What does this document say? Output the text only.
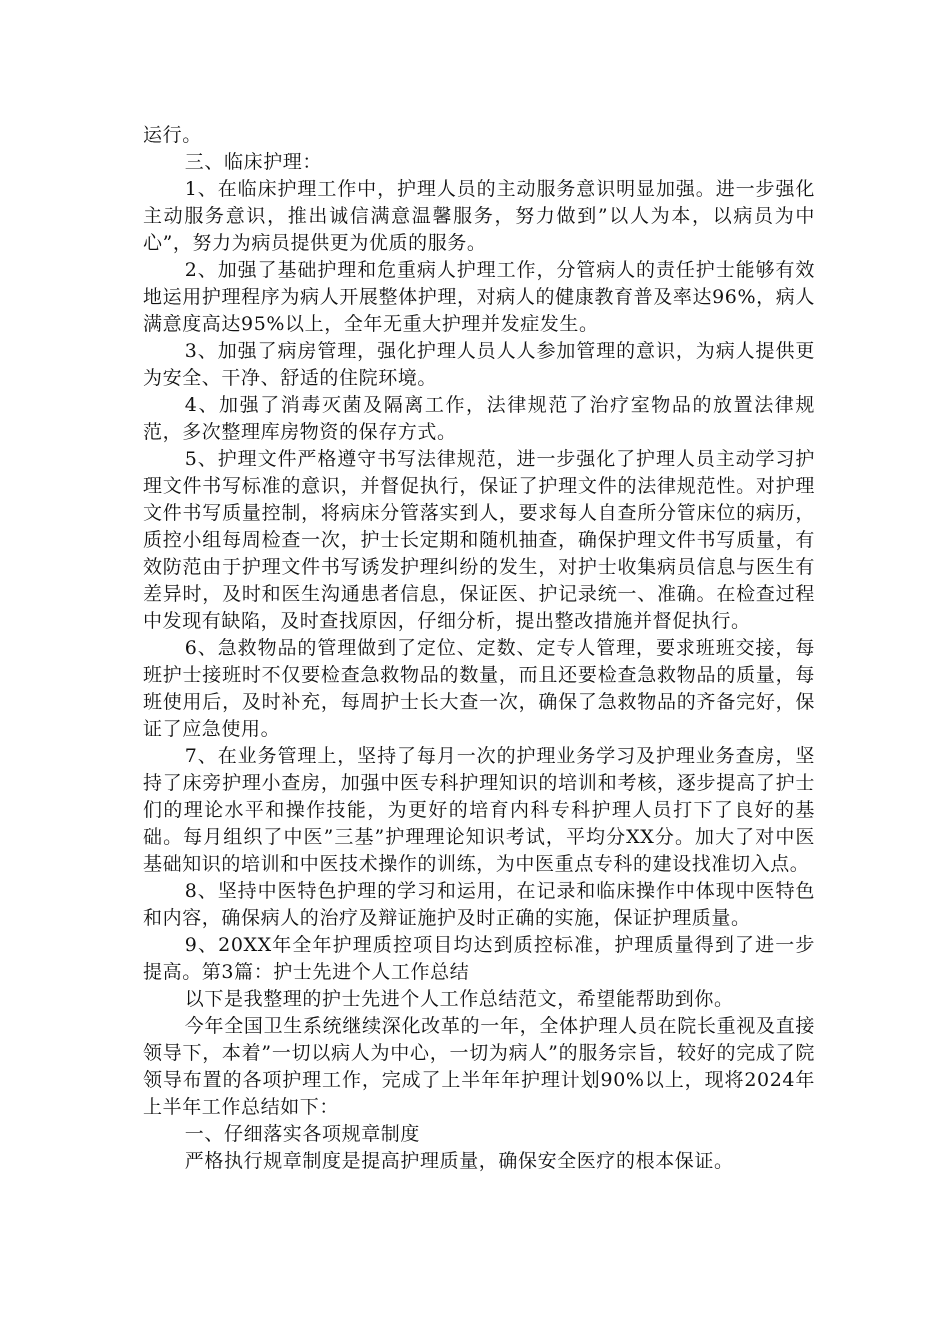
运行。

三、临床护理：

1、在临床护理工作中，护理人员的主动服务意识明显加强。进一步强化主动服务意识，推出诚信满意温馨服务，努力做到”以人为本，以病员为中心”，努力为病员提供更为优质的服务。

2、加强了基础护理和危重病人护理工作，分管病人的责任护士能够有效地运用护理程序为病人开展整体护理，对病人的健康教育普及率达96%，病人满意度高达95%以上，全年无重大护理并发症发生。

3、加强了病房管理，强化护理人员人人参加管理的意识，为病人提供更为安全、干净、舒适的住院环境。

4、加强了消毒灭菌及隔离工作，法律规范了治疗室物品的放置法律规范，多次整理库房物资的保存方式。

5、护理文件严格遵守书写法律规范，进一步强化了护理人员主动学习护理文件书写标准的意识，并督促执行，保证了护理文件的法律规范性。对护理文件书写质量控制，将病床分管落实到人，要求每人自查所分管床位的病历，质控小组每周检查一次，护士长定期和随机抽查，确保护理文件书写质量，有效防范由于护理文件书写诱发护理纠纷的发生，对护士收集病员信息与医生有差异时，及时和医生沟通患者信息，保证医、护记录统一、准确。在检查过程中发现有缺陷，及时查找原因，仔细分析，提出整改措施并督促执行。

6、急救物品的管理做到了定位、定数、定专人管理，要求班班交接，每班护士接班时不仅要检查急救物品的数量，而且还要检查急救物品的质量，每班使用后，及时补充，每周护士长大查一次，确保了急救物品的齐备完好，保证了应急使用。

7、在业务管理上，坚持了每月一次的护理业务学习及护理业务查房，坚持了床旁护理小查房，加强中医专科护理知识的培训和考核，逐步提高了护士们的理论水平和操作技能，为更好的培育内科专科护理人员打下了良好的基础。每月组织了中医”三基”护理理论知识考试，平均分XX分。加大了对中医基础知识的培训和中医技术操作的训练，为中医重点专科的建设找准切入点。

8、坚持中医特色护理的学习和运用，在记录和临床操作中体现中医特色和内容，确保病人的治疗及辩证施护及时正确的实施，保证护理质量。

9、20XX年全年护理质控项目均达到质控标准，护理质量得到了进一步提高。第3篇：护士先进个人工作总结

以下是我整理的护士先进个人工作总结范文，希望能帮助到你。

今年全国卫生系统继续深化改革的一年，全体护理人员在院长重视及直接领导下，本着”一切以病人为中心，一切为病人”的服务宗旨，较好的完成了院领导布置的各项护理工作，完成了上半年年护理计划90%以上，现将2024年上半年工作总结如下：

一、仔细落实各项规章制度

严格执行规章制度是提高护理质量，确保安全医疗的根本保证。
